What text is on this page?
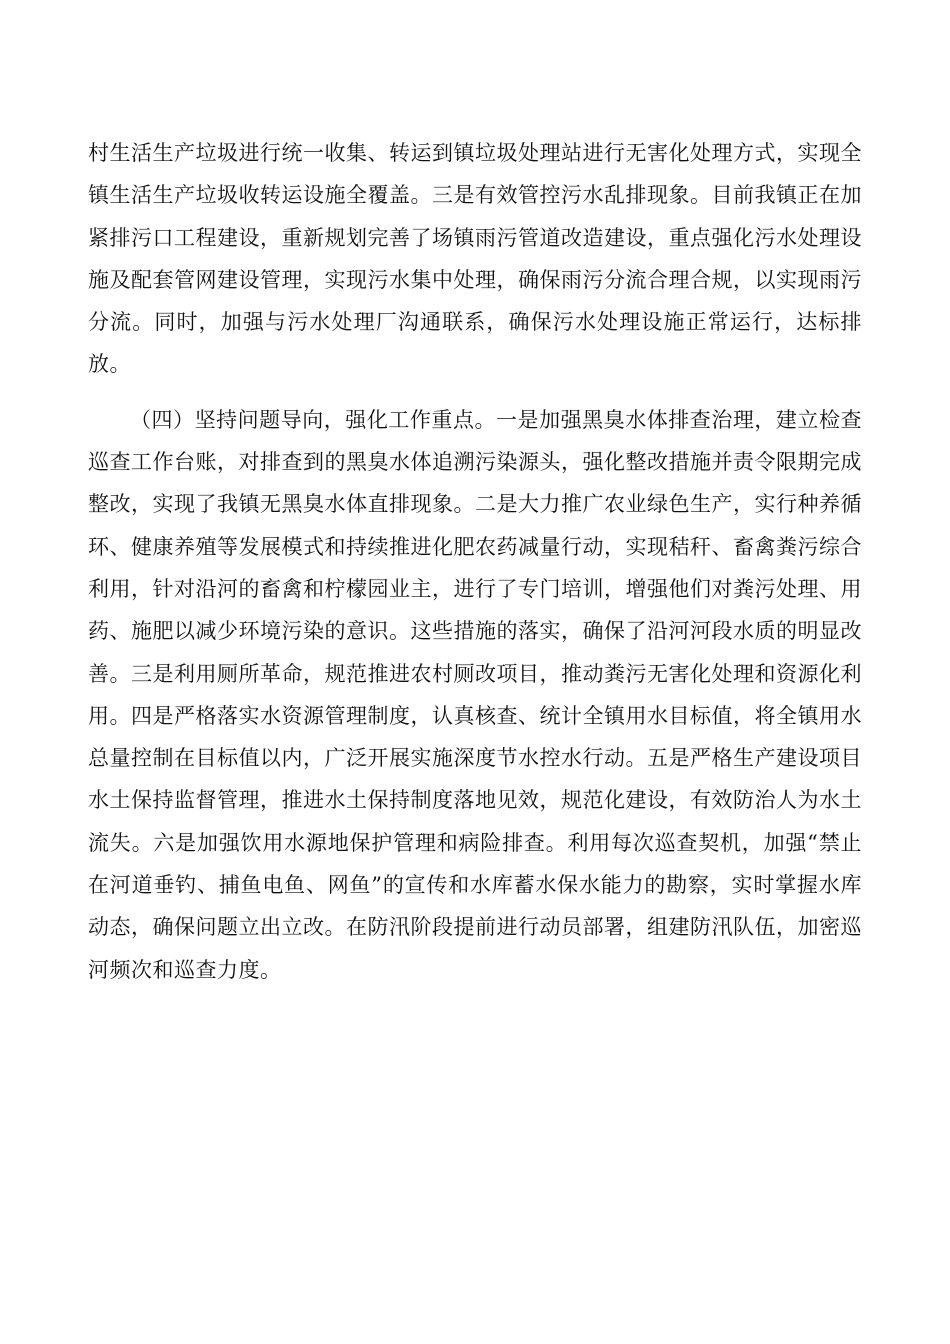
村生活生产垃圾进行统一收集、转运到镇垃圾处理站进行无害化处理方式，实现全镇生活生产垃圾收转运设施全覆盖。三是有效管控污水乱排现象。目前我镇正在加紧排污口工程建设，重新规划完善了场镇雨污管道改造建设，重点强化污水处理设施及配套管网建设管理，实现污水集中处理，确保雨污分流合理合规，以实现雨污分流。同时，加强与污水处理厂沟通联系，确保污水处理设施正常运行，达标排放。

（四）坚持问题导向，强化工作重点。一是加强黑臭水体排查治理，建立检查巡查工作台账，对排查到的黑臭水体追溯污染源头，强化整改措施并责令限期完成整改，实现了我镇无黑臭水体直排现象。二是大力推广农业绿色生产，实行种养循环、健康养殖等发展模式和持续推进化肥农药减量行动，实现秸秆、畜禽粪污综合利用，针对沿河的畜禽和柠檬园业主，进行了专门培训，增强他们对粪污处理、用药、施肥以减少环境污染的意识。这些措施的落实，确保了沿河河段水质的明显改善。三是利用厕所革命，规范推进农村厕改项目，推动粪污无害化处理和资源化利用。四是严格落实水资源管理制度，认真核查、统计全镇用水目标值，将全镇用水总量控制在目标值以内，广泛开展实施深度节水控水行动。五是严格生产建设项目水土保持监督管理，推进水土保持制度落地见效，规范化建设，有效防治人为水土流失。六是加强饮用水源地保护管理和病险排查。利用每次巡查契机，加强“禁止在河道垂钓、捕鱼电鱼、网鱼”的宣传和水库蓄水保水能力的勘察，实时掌握水库动态，确保问题立出立改。在防汛阶段提前进行动员部署，组建防汛队伍，加密巡河频次和巡查力度。
